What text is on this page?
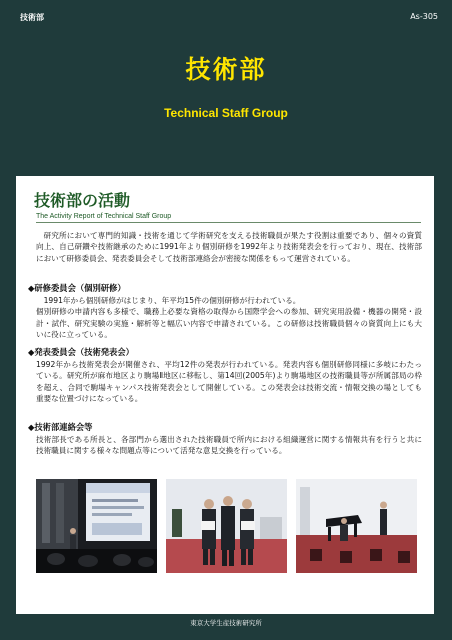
技術部	As-305
技術部
Technical Staff Group
技術部の活動
The Activity Report of Technical Staff Group
研究所において専門的知識・技術を通じて学術研究を支える技術職員が果たす役割は重要であり、個々の資質向上、自己研鑽や技術継承のために1991年より個別研修を1992年より技術発表会を行っており、現在、技術部において研修委員会、発表委員会そして技術部連絡会が密接な関係をもって運営されている。
◆研修委員会（個別研修）
1991年から個別研修がはじまり、年平均15件の個別研修が行われている。
個別研修の申請内容も多様で、職務上必要な資格の取得から国際学会への参加、研究実用設備・機器の開発・設計・試作、研究実験の実施・解析等と幅広い内容で申請されている。この研修は技術職員個々の資質向上にも大いに役に立っている。
◆発表委員会（技術発表会）
1992年から技術発表会が開催され、平均12件の発表が行われている。発表内容も個別研修同様に多岐にわたっている。研究所が麻布地区より駒場Ⅱ地区に移転し、第14回(2005年)より駒場地区の技術職員等が所属部局の枠を超え、合同で駒場キャンパス技術発表会として開催している。この発表会は技術交流・情報交換の場としても重要な位置づけになっている。
◆技術部連絡会等
技術部長である所長と、各部門から選出された技術職員で所内における組織運営に関する情報共有を行うと共に技術職員に関する様々な問題点等について活発な意見交換を行っている。
東京大学生産技術研究所
